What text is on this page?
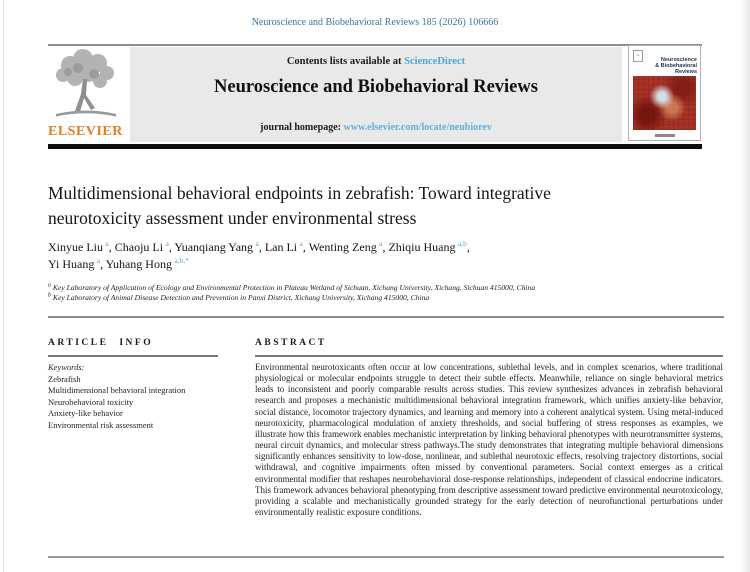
Neuroscience and Biobehavioral Reviews 185 (2026) 106666
ELSEVIER
Contents lists available at ScienceDirect
Neuroscience and Biobehavioral Reviews
journal homepage: www.elsevier.com/locate/neubiorev
≡
Neuroscience
& Biobehavioral
Reviews
Multidimensional behavioral endpoints in zebrafish: Toward integrative
neurotoxicity assessment under environmental stress
Xinyue Liu $^a$, Chaoju Li $^a$, Yuanqiang Yang $^a$, Lan Li $^a$, Wenting Zeng $^a$, Zhiqiu Huang $^{a,b}$,
Yi Huang $^a$, Yuhang Hong $^{a,b,*}$
$^a$ Key Laboratory of Application of Ecology and Environmental Protection in Plateau Wetland of Sichuan, Xichang University, Xichang, Sichuan 415000, China
$^b$ Key Laboratory of Animal Disease Detection and Prevention in Panxi District, Xichang University, Xichang 415000, China
ARTICLE INFO
Keywords:
Zebrafish
Multidimensional behavioral integration
Neurobehavioral toxicity
Anxiety-like behavior
Environmental risk assessment
ABSTRACT
Environmental neurotoxicants often occur at low concentrations, sublethal levels, and in complex scenarios, where traditional physiological or molecular endpoints struggle to detect their subtle effects. Meanwhile, reliance on single behavioral metrics leads to inconsistent and poorly comparable results across studies. This review synthesizes advances in zebrafish behavioral research and proposes a mechanistic multidimensional behavioral integration framework, which unifies anxiety-like behavior, social distance, locomotor trajectory dynamics, and learning and memory into a coherent analytical system. Using metal-induced neurotoxicity, pharmacological modulation of anxiety thresholds, and social buffering of stress responses as examples, we illustrate how this framework enables mechanistic interpretation by linking behavioral phenotypes with neurotransmitter systems, neural circuit dynamics, and molecular stress pathways.The study demonstrates that integrating multiple behavioral dimensions significantly enhances sensitivity to low-dose, nonlinear, and sublethal neurotoxic effects, resolving trajectory distortions, social withdrawal, and cognitive impairments often missed by conventional parameters. Social context emerges as a critical environmental modifier that reshapes neurobehavioral dose-response relationships, independent of classical endocrine indicators. This framework advances behavioral phenotyping from descriptive assessment toward predictive environmental neurotoxicology, providing a scalable and mechanistically grounded strategy for the early detection of neurofunctional perturbations under environmentally realistic exposure conditions.
